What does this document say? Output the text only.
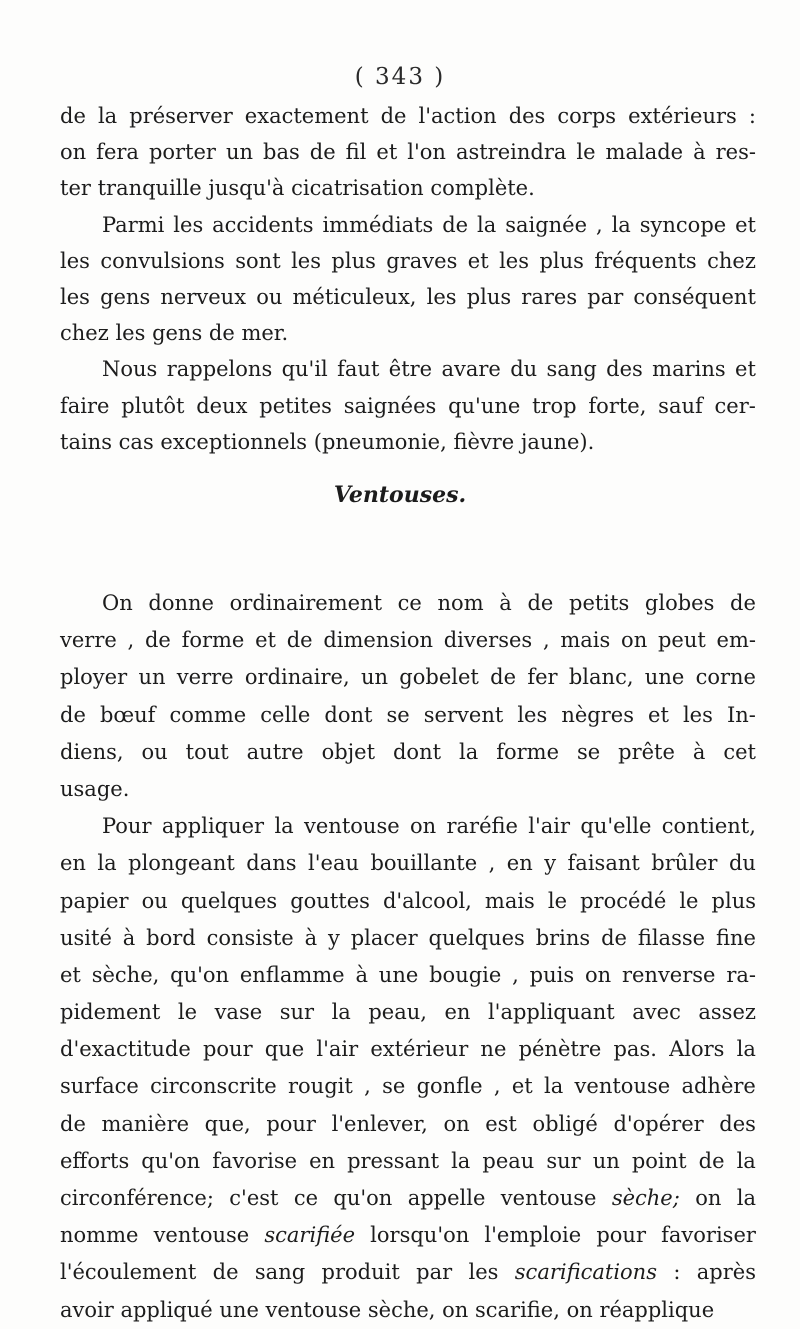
( 343 )
de la préserver exactement de l'action des corps extérieurs :
on fera porter un bas de fil et l'on astreindra le malade à res-
ter tranquille jusqu'à cicatrisation complète.
Parmi les accidents immédiats de la saignée , la syncope et
les convulsions sont les plus graves et les plus fréquents chez
les gens nerveux ou méticuleux, les plus rares par conséquent
chez les gens de mer.
Nous rappelons qu'il faut être avare du sang des marins et
faire plutôt deux petites saignées qu'une trop forte, sauf cer-
tains cas exceptionnels (pneumonie, fièvre jaune).
Ventouses.
On donne ordinairement ce nom à de petits globes de
verre , de forme et de dimension diverses , mais on peut em-
ployer un verre ordinaire, un gobelet de fer blanc, une corne
de bœuf comme celle dont se servent les nègres et les In-
diens, ou tout autre objet dont la forme se prête à cet
usage.
Pour appliquer la ventouse on raréfie l'air qu'elle contient,
en la plongeant dans l'eau bouillante , en y faisant brûler du
papier ou quelques gouttes d'alcool, mais le procédé le plus
usité à bord consiste à y placer quelques brins de filasse fine
et sèche, qu'on enflamme à une bougie , puis on renverse ra-
pidement le vase sur la peau, en l'appliquant avec assez
d'exactitude pour que l'air extérieur ne pénètre pas. Alors la
surface circonscrite rougit , se gonfle , et la ventouse adhère
de manière que, pour l'enlever, on est obligé d'opérer des
efforts qu'on favorise en pressant la peau sur un point de la
circonférence; c'est ce qu'on appelle ventouse sèche; on la
nomme ventouse scarifiée lorsqu'on l'emploie pour favoriser
l'écoulement de sang produit par les scarifications : après
avoir appliqué une ventouse sèche, on scarifie, on réapplique
